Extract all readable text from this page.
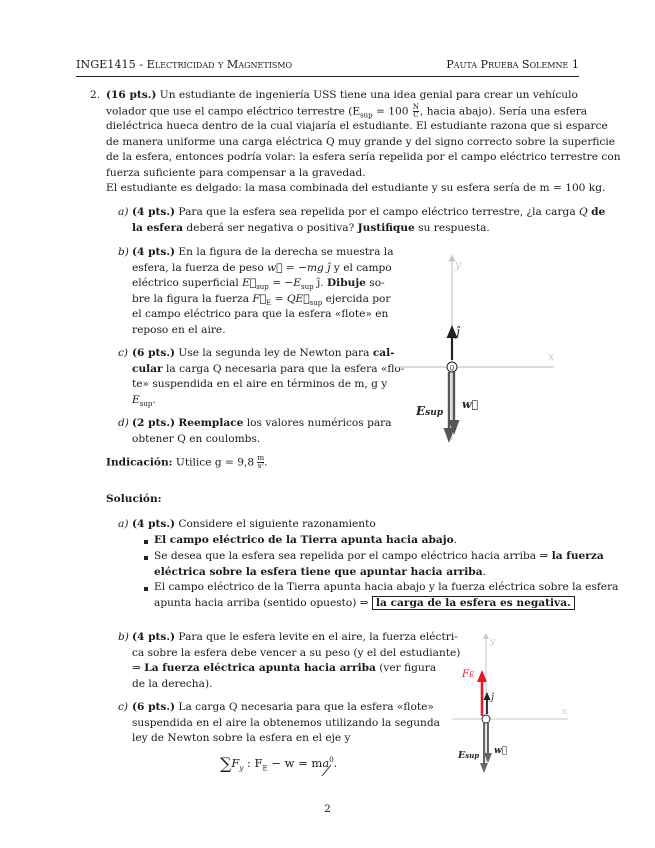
INGE1415 - Electricidad y Magnetismo	Pauta Prueba Solemne 1
2. (16 pts.) Un estudiante de ingeniería USS tiene una idea genial para crear un vehículo
volador que use el campo eléctrico terrestre ($E_{sup} = 100 \frac{N}{C}$ , hacia abajo). Sería una esfera
dieléctrica hueca dentro de la cual viajaría el estudiante. El estudiante razona que si esparce
de manera uniforme una carga eléctrica Q muy grande y del signo correcto sobre la superficie
de la esfera, entonces podría volar: la esfera sería repelida por el campo eléctrico terrestre con
fuerza suficiente para compensar a la gravedad.
El estudiante es delgado: la masa combinada del estudiante y su esfera sería de m = 100 kg.
a) (4 pts.) Para que la esfera sea repelida por el campo eléctrico terrestre, ¿la carga Q de
la esfera deberá ser negativa o positiva? Justifique su respuesta.
b) (4 pts.) En la figura de la derecha se muestra la
esfera, la fuerza de peso w⃗ = −mg ĵ y el campo
eléctrico superficial $E⃗_{sup} = -E_{sup}$ ĵ. Dibuje so-
bre la figura la fuerza $F⃗_E$ = $QE⃗_{sup}$ ejercida por
el campo eléctrico para que la esfera «flote» en
reposo en el aire.
c) (6 pts.) Use la segunda ley de Newton para cal-
cular la carga Q necesaria para que la esfera «flo-
te» suspendida en el aire en términos de m, g y
$E_{sup}$.
d) (2 pts.) Reemplace los valores numéricos para
obtener Q en coulombs.
Indicación: Utilice $g = 9,8 \frac{m}{\text{s²}}$ .
y
x
ĵ
w⃗
Esup
Q
Solución:
a) (4 pts.) Considere el siguiente razonamiento
El campo eléctrico de la Tierra apunta hacia abajo.
Se desea que la esfera sea repelida por el campo eléctrico hacia arriba ⇒ la fuerza
eléctrica sobre la esfera tiene que apuntar hacia arriba.
El campo eléctrico de la Tierra apunta hacia abajo y la fuerza eléctrica sobre la esfera
apunta hacia arriba (sentido opuesto) ⇒ la carga de la esfera es negativa.
b) (4 pts.) Para que le esfera levite en el aire, la fuerza eléctri-
ca sobre la esfera debe vencer a su peso (y el del estudiante)
⇒ La fuerza eléctrica apunta hacia arriba (ver figura
de la derecha).
c) (6 pts.) La carga Q necesaria para que la esfera «flote»
suspendida en el aire la obtenemos utilizando la segunda
ley de Newton sobre la esfera en el eje y
$\sum F_y$ : $F_E - w$ = ma
$^0$.
y
x
FE
ĵ
w⃗
Esup
2
